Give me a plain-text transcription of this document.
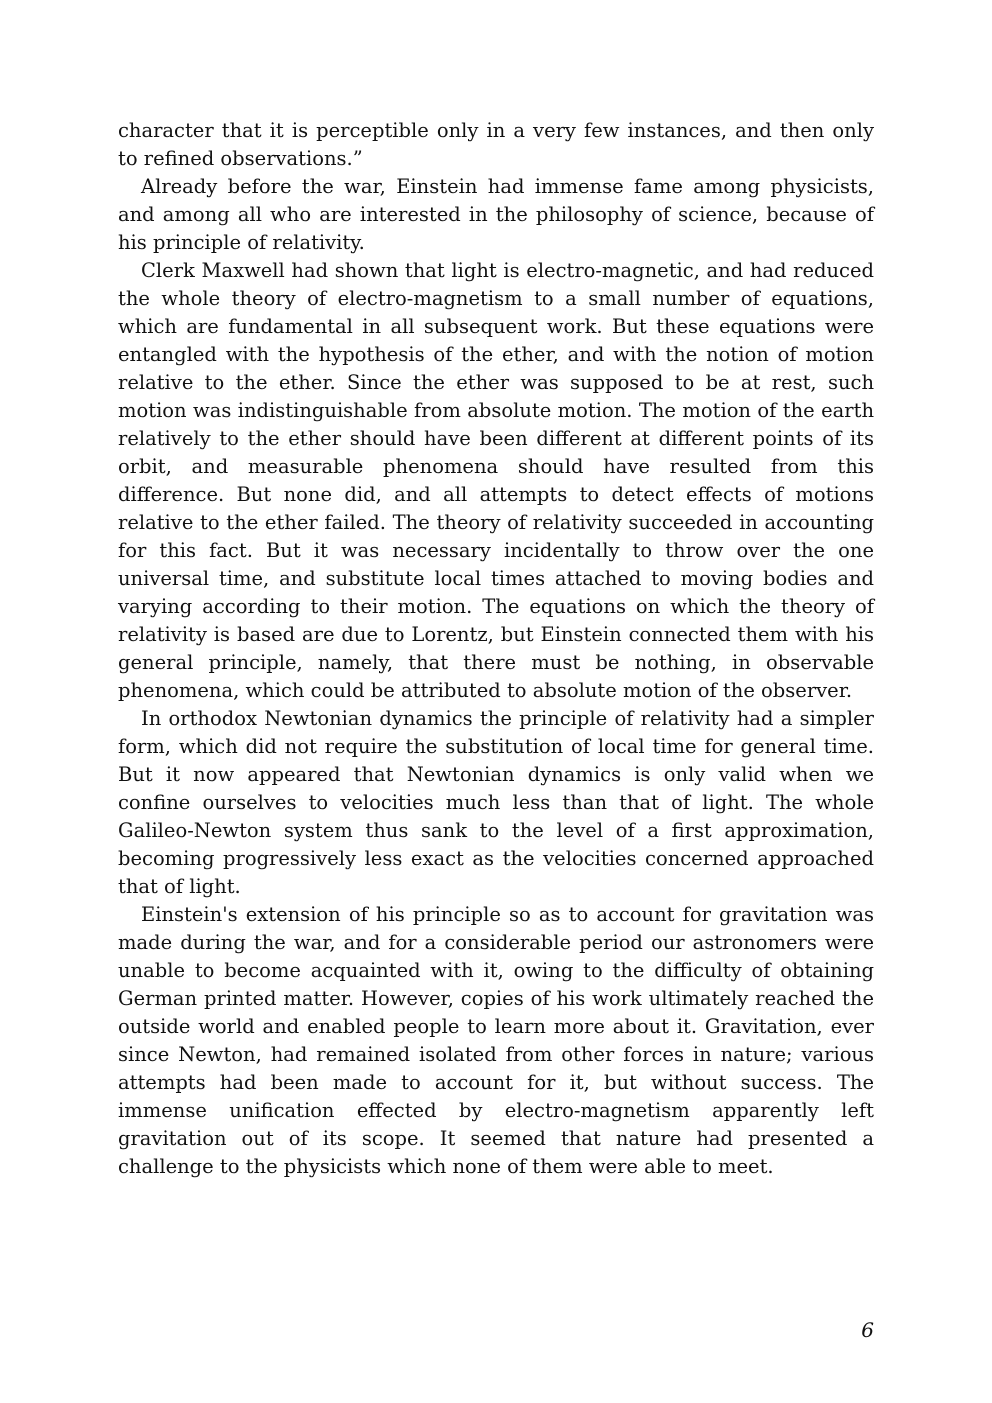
character that it is perceptible only in a very few instances, and then only to refined observations.”

Already before the war, Einstein had immense fame among physicists, and among all who are interested in the philosophy of science, because of his principle of relativity.

Clerk Maxwell had shown that light is electro-magnetic, and had reduced the whole theory of electro-magnetism to a small number of equations, which are fundamental in all subsequent work. But these equations were entangled with the hypothesis of the ether, and with the notion of motion relative to the ether. Since the ether was supposed to be at rest, such motion was indistinguishable from absolute motion. The motion of the earth relatively to the ether should have been different at different points of its orbit, and measurable phenomena should have resulted from this difference. But none did, and all attempts to detect effects of motions relative to the ether failed. The theory of relativity succeeded in accounting for this fact. But it was necessary incidentally to throw over the one universal time, and substitute local times attached to moving bodies and varying according to their motion. The equations on which the theory of relativity is based are due to Lorentz, but Einstein connected them with his general principle, namely, that there must be nothing, in observable phenomena, which could be attributed to absolute motion of the observer.

In orthodox Newtonian dynamics the principle of relativity had a simpler form, which did not require the substitution of local time for general time. But it now appeared that Newtonian dynamics is only valid when we confine ourselves to velocities much less than that of light. The whole Galileo-Newton system thus sank to the level of a first approximation, becoming progressively less exact as the velocities concerned approached that of light.

Einstein's extension of his principle so as to account for gravitation was made during the war, and for a considerable period our astronomers were unable to become acquainted with it, owing to the difficulty of obtaining German printed matter. However, copies of his work ultimately reached the outside world and enabled people to learn more about it. Gravitation, ever since Newton, had remained isolated from other forces in nature; various attempts had been made to account for it, but without success. The immense unification effected by electro-magnetism apparently left gravitation out of its scope. It seemed that nature had presented a challenge to the physicists which none of them were able to meet.

6
